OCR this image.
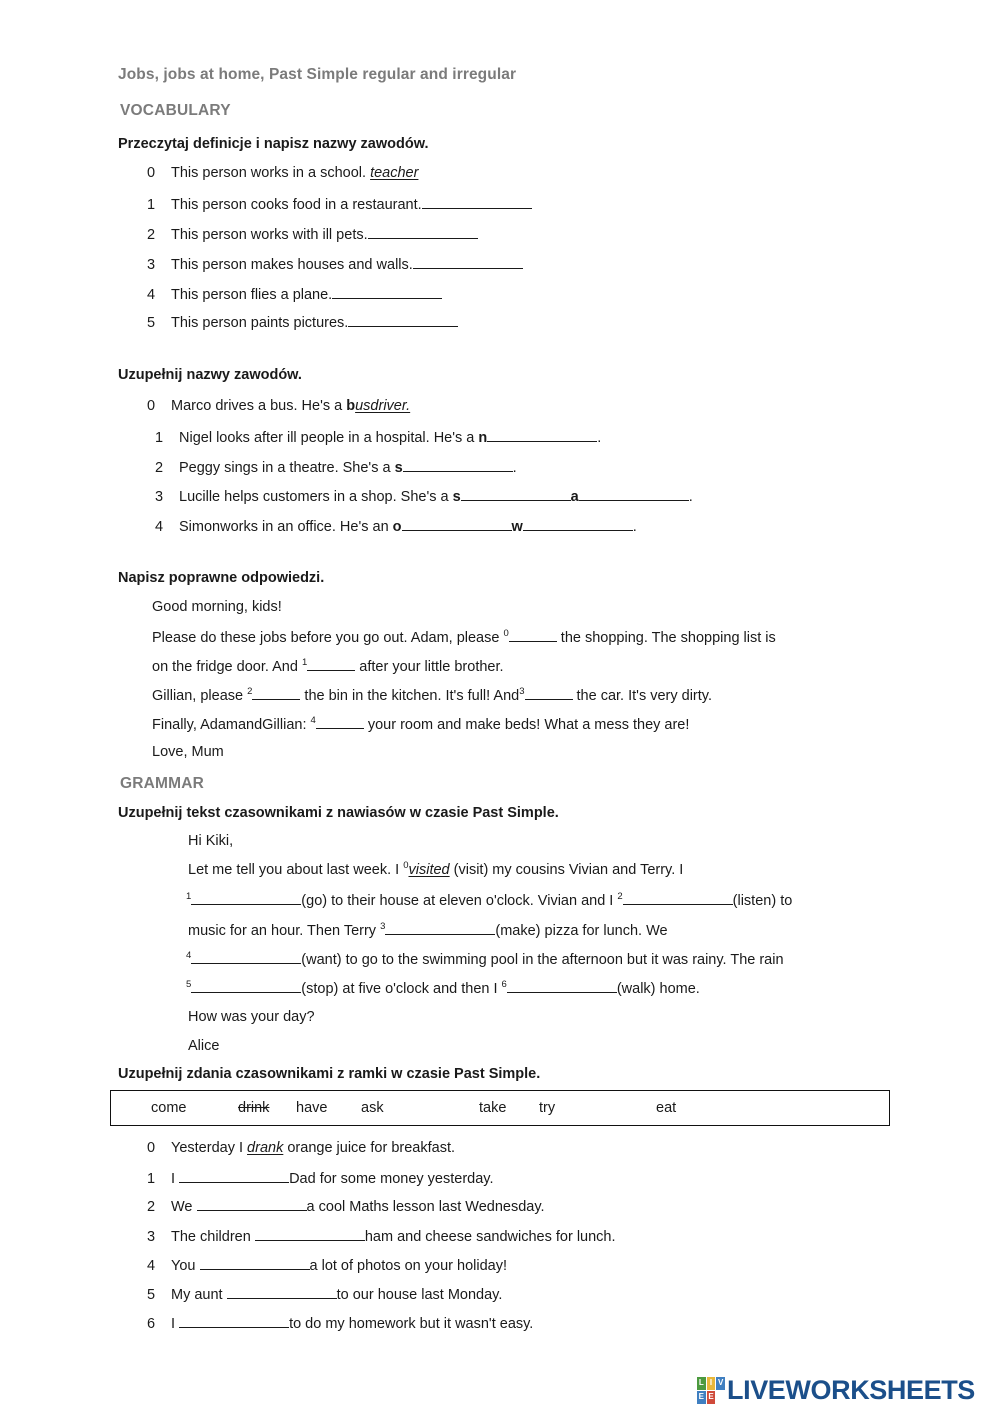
Jobs, jobs at home, Past Simple regular and irregular
VOCABULARY
Przeczytaj definicje i napisz nazwy zawodów.
0 This person works in a school. teacher
1 This person cooks food in a restaurant.
2 This person works with ill pets.
3 This person makes houses and walls.
4 This person flies a plane.
5 This person paints pictures.
Uzupełnij nazwy zawodów.
0 Marco drives a bus. He's a busdriver.
1 Nigel looks after ill people in a hospital. He's a n	.
2 Peggy sings in a theatre. She's a s	.
3 Lucille helps customers in a shop. She's a s	a	.
4 Simonworks in an office. He's an o	w	.
Napisz poprawne odpowiedzi.
Good morning, kids!
Please do these jobs before you go out. Adam, please $^0$	the shopping. The shopping list is
on the fridge door. And $^1$	after your little brother.
Gillian, please $^2$	the bin in the kitchen. It's full! And$^3$	the car. It's very dirty.
Finally, AdamandGillian: $^4$	your room and make beds! What a mess they are!
Love, Mum
GRAMMAR
Uzupełnij tekst czasownikami z nawiasów w czasie Past Simple.
Hi Kiki,
Let me tell you about last week. I $^0$visited (visit) my cousins Vivian and Terry. I
$^1$	(go) to their house at eleven o'clock. Vivian and I $^2$	(listen) to
music for an hour. Then Terry $^3$	(make) pizza for lunch. We
$^4$	(want) to go to the swimming pool in the afternoon but it was rainy. The rain
$^5$	(stop) at five o'clock and then I $^6$	(walk) home.
How was your day?
Alice
Uzupełnij zdania czasownikami z ramki w czasie Past Simple.
come	drink have ask	take try	eat
0 Yesterday I drank orange juice for breakfast.
1 I	Dad for some money yesterday.
2 We	a cool Maths lesson last Wednesday.
3 The children	ham and cheese sandwiches for lunch.
4 You	a lot of photos on your holiday!
5 My aunt	to our house last Monday.
6 I	to do my homework but it wasn't easy.
L I V
E E LIVEWORKSHEETS
